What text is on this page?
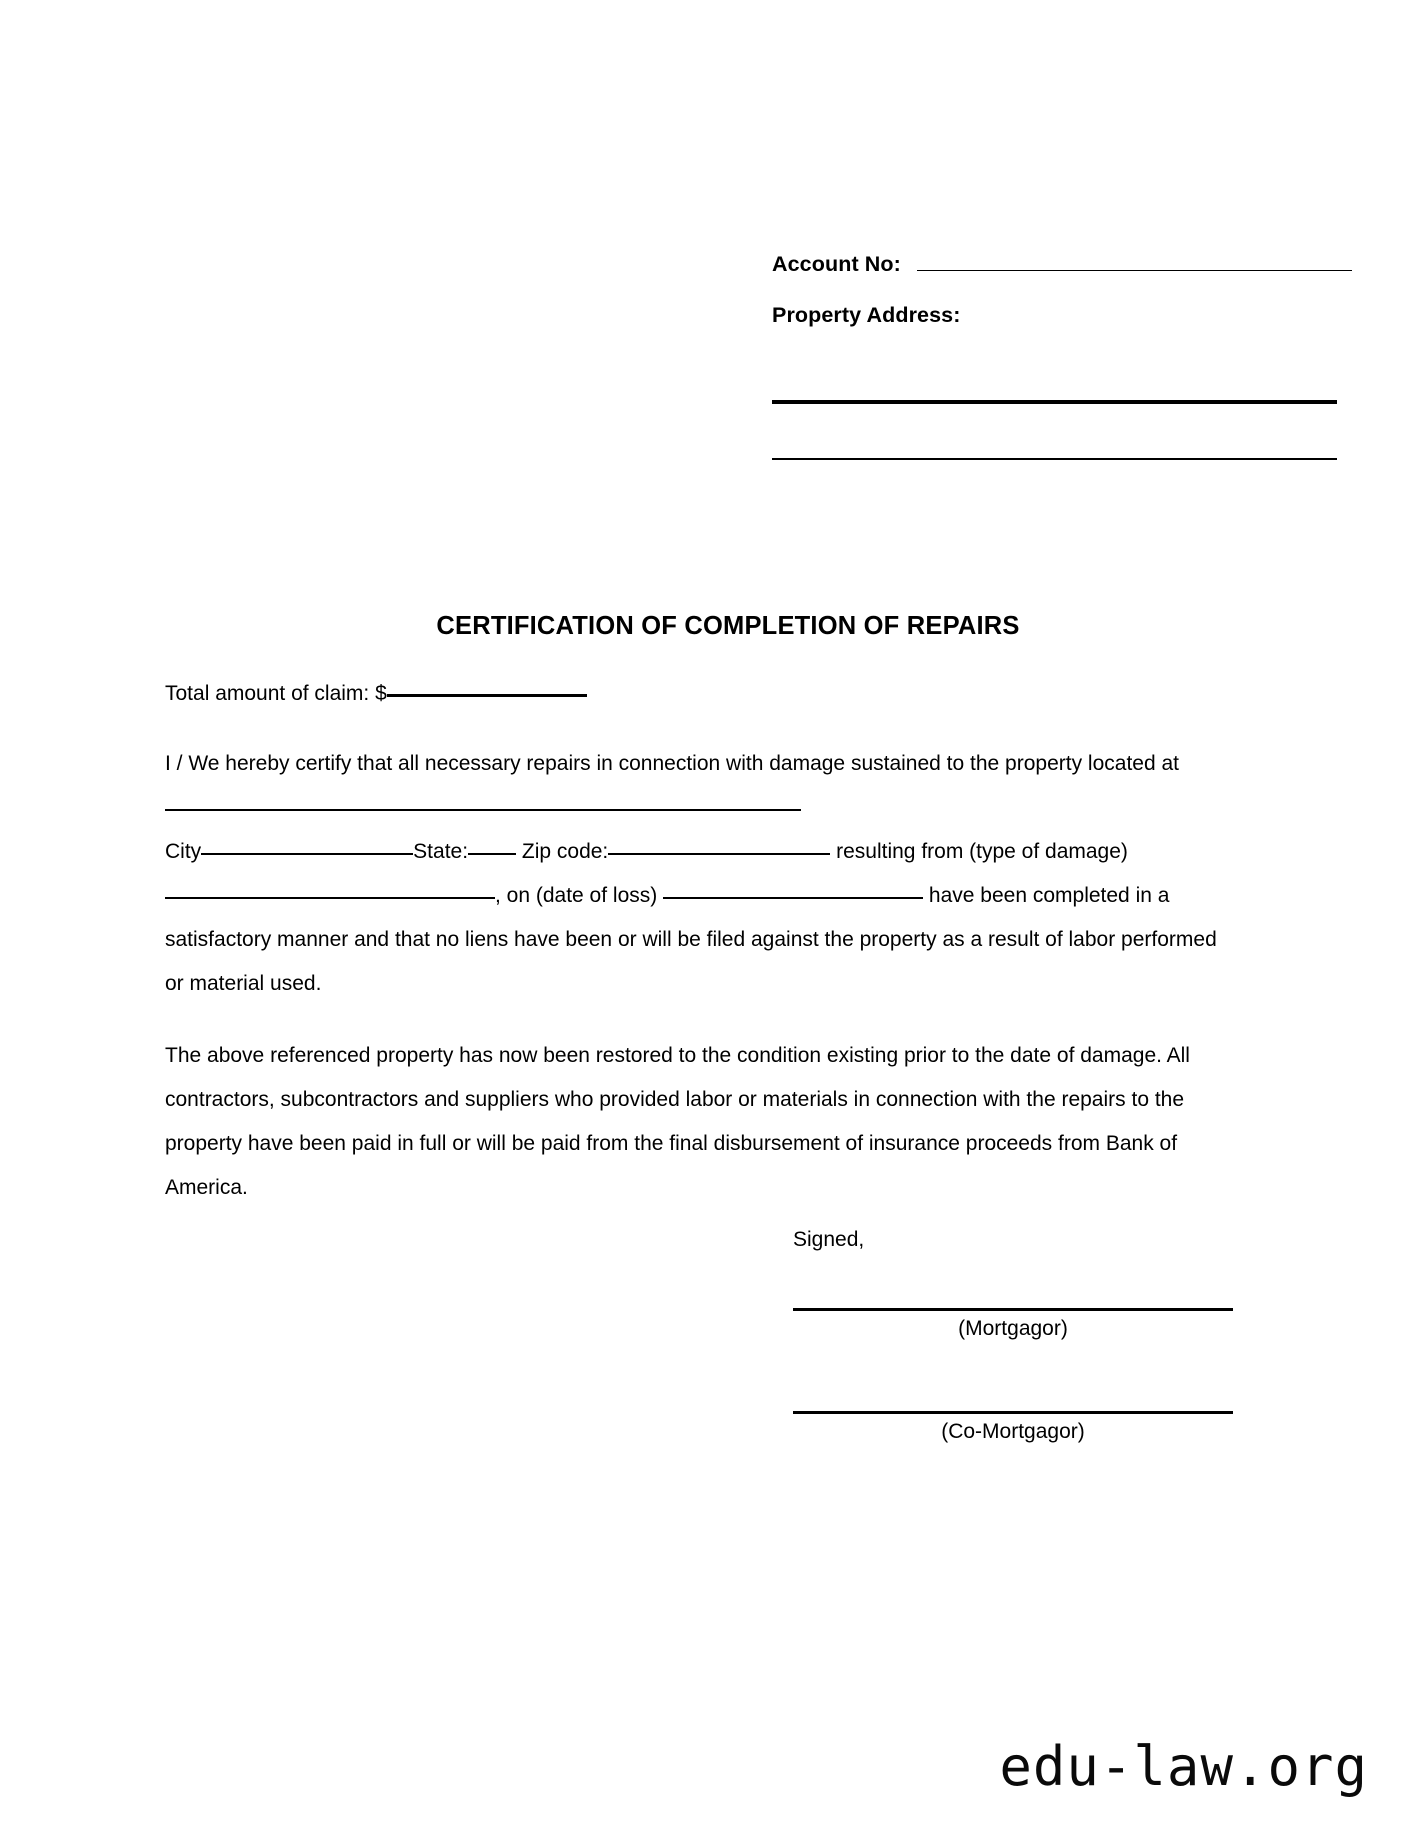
Account No:
Property Address:
CERTIFICATION OF COMPLETION OF REPAIRS

Total amount of claim: $

I / We hereby certify that all necessary repairs in connection with damage sustained to the property located at
City	State:	Zip code:	resulting from (type of damage) , on (date of loss)	have been completed in a satisfactory manner and that no liens have been or will be filed against the property as a result of labor performed or material used.

The above referenced property has now been restored to the condition existing prior to the date of damage. All contractors, subcontractors and suppliers who provided labor or materials in connection with the repairs to the property have been paid in full or will be paid from the final disbursement of insurance proceeds from Bank of America.

Signed,
(Mortgagor)
(Co-Mortgagor)
edu-law.org
